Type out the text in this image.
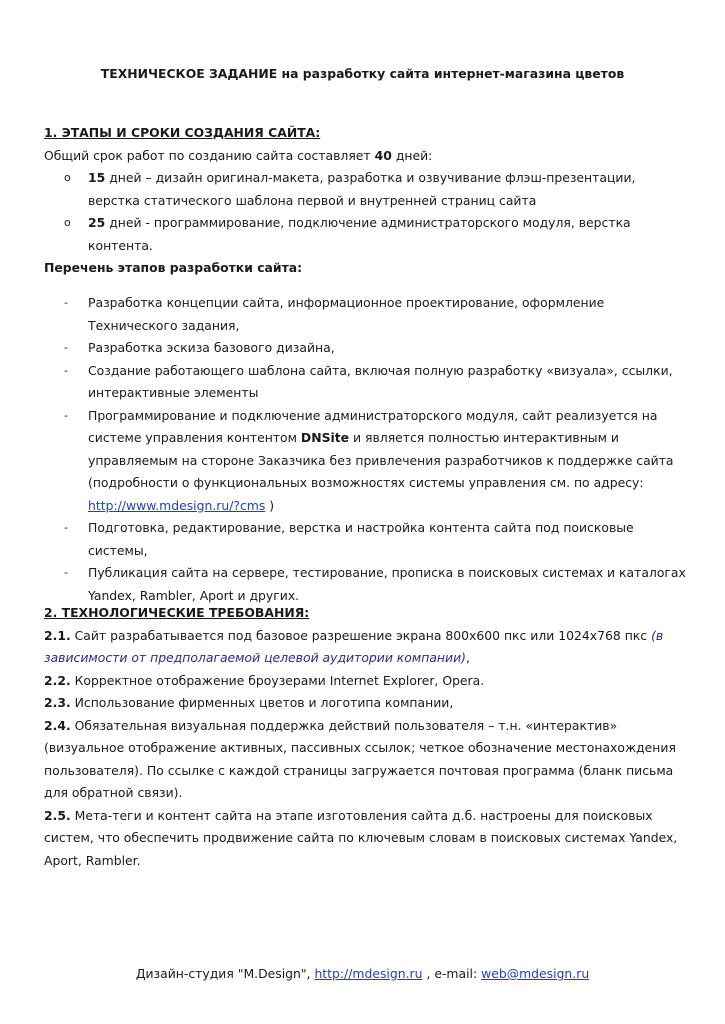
ТЕХНИЧЕСКОЕ ЗАДАНИЕ на разработку сайта интернет-магазина цветов

1. ЭТАПЫ И СРОКИ СОЗДАНИЯ САЙТА:

Общий срок работ по созданию сайта составляет 40 дней:

o 15 дней – дизайн оригинал-макета, разработка и озвучивание флэш-презентации, верстка статического шаблона первой и внутренней страниц сайта
o 25 дней - программирование, подключение администраторского модуля, верстка контента.

Перечень этапов разработки сайта:

- Разработка концепции сайта, информационное проектирование, оформление Технического задания,
- Разработка эскиза базового дизайна,
- Создание работающего шаблона сайта, включая полную разработку «визуала», ссылки, интерактивные элементы
- Программирование и подключение администраторского модуля, сайт реализуется на системе управления контентом DNSite и является полностью интерактивным и управляемым на стороне Заказчика без привлечения разработчиков к поддержке сайта (подробности о функциональных возможностях системы управления см. по адресу: http://www.mdesign.ru/?cms )
- Подготовка, редактирование, верстка и настройка контента сайта под поисковые системы,
- Публикация сайта на сервере, тестирование, прописка в поисковых системах и каталогах Yandex, Rambler, Aport и других.

2. ТЕХНОЛОГИЧЕСКИЕ ТРЕБОВАНИЯ:

2.1. Сайт разрабатывается под базовое разрешение экрана 800х600 пкс или 1024х768 пкс (в зависимости от предполагаемой целевой аудитории компании),

2.2. Корректное отображение броузерами Internet Explorer, Opera.

2.3. Использование фирменных цветов и логотипа компании,

2.4. Обязательная визуальная поддержка действий пользователя – т.н. «интерактив» (визуальное отображение активных, пассивных ссылок; четкое обозначение местонахождения пользователя). По ссылке с каждой страницы загружается почтовая программа (бланк письма для обратной связи).

2.5. Мета-теги и контент сайта на этапе изготовления сайта д.б. настроены для поисковых систем, что обеспечить продвижение сайта по ключевым словам в поисковых системах Yandex, Aport, Rambler.

Дизайн-студия "M.Design", http://mdesign.ru , e-mail: web@mdesign.ru
